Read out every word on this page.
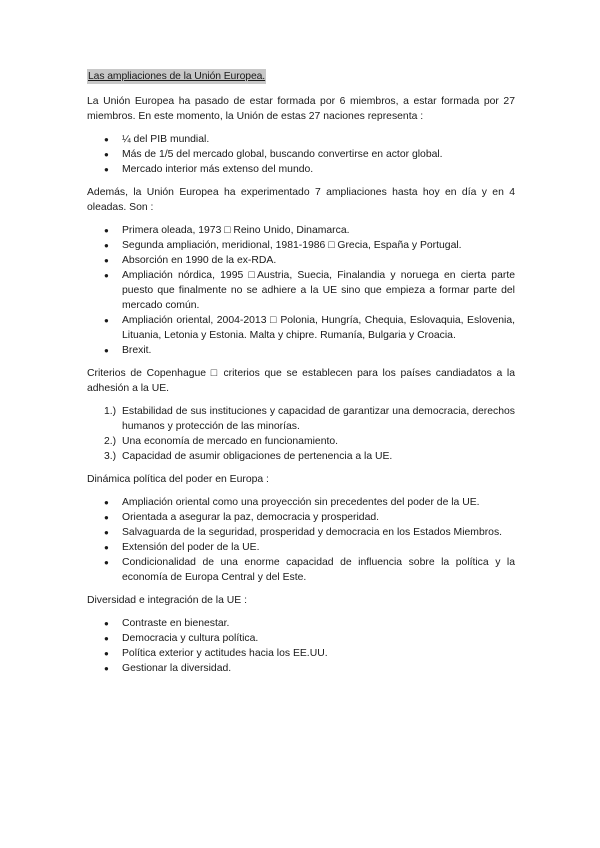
Las ampliaciones de la Unión Europea.

La Unión Europea ha pasado de estar formada por 6 miembros, a estar formada por 27 miembros. En este momento, la Unión de estas 27 naciones representa :

● ¼ del PIB mundial.
● Más de 1/5 del mercado global, buscando convertirse en actor global.
● Mercado interior más extenso del mundo.

Además, la Unión Europea ha experimentado 7 ampliaciones hasta hoy en día y en 4 oleadas. Son :

● Primera oleada, 1973 □ Reino Unido, Dinamarca.
● Segunda ampliación, meridional, 1981-1986 □ Grecia, España y Portugal.
● Absorción en 1990 de la ex-RDA.
● Ampliación nórdica, 1995 □Austria, Suecia, Finalandia y noruega en cierta parte puesto que finalmente no se adhiere a la UE sino que empieza a formar parte del mercado común.
● Ampliación oriental, 2004-2013 □ Polonia, Hungría, Chequia, Eslovaquia, Eslovenia, Lituania, Letonia y Estonia. Malta y chipre. Rumanía, Bulgaria y Croacia.
● Brexit.

Criterios de Copenhague □ criterios que se establecen para los países candiadatos a la adhesión a la UE.

1.) Estabilidad de sus instituciones y capacidad de garantizar una democracia, derechos humanos y protección de las minorías.
2.) Una economía de mercado en funcionamiento.
3.) Capacidad de asumir obligaciones de pertenencia a la UE.

Dinámica política del poder en Europa :

● Ampliación oriental como una proyección sin precedentes del poder de la UE.
● Orientada a asegurar la paz, democracia y prosperidad.
● Salvaguarda de la seguridad, prosperidad y democracia en los Estados Miembros.
● Extensión del poder de la UE.
● Condicionalidad de una enorme capacidad de influencia sobre la política y la economía de Europa Central y del Este.

Diversidad e integración de la UE :

● Contraste en bienestar.
● Democracia y cultura política.
● Política exterior y actitudes hacia los EE.UU.
● Gestionar la diversidad.
